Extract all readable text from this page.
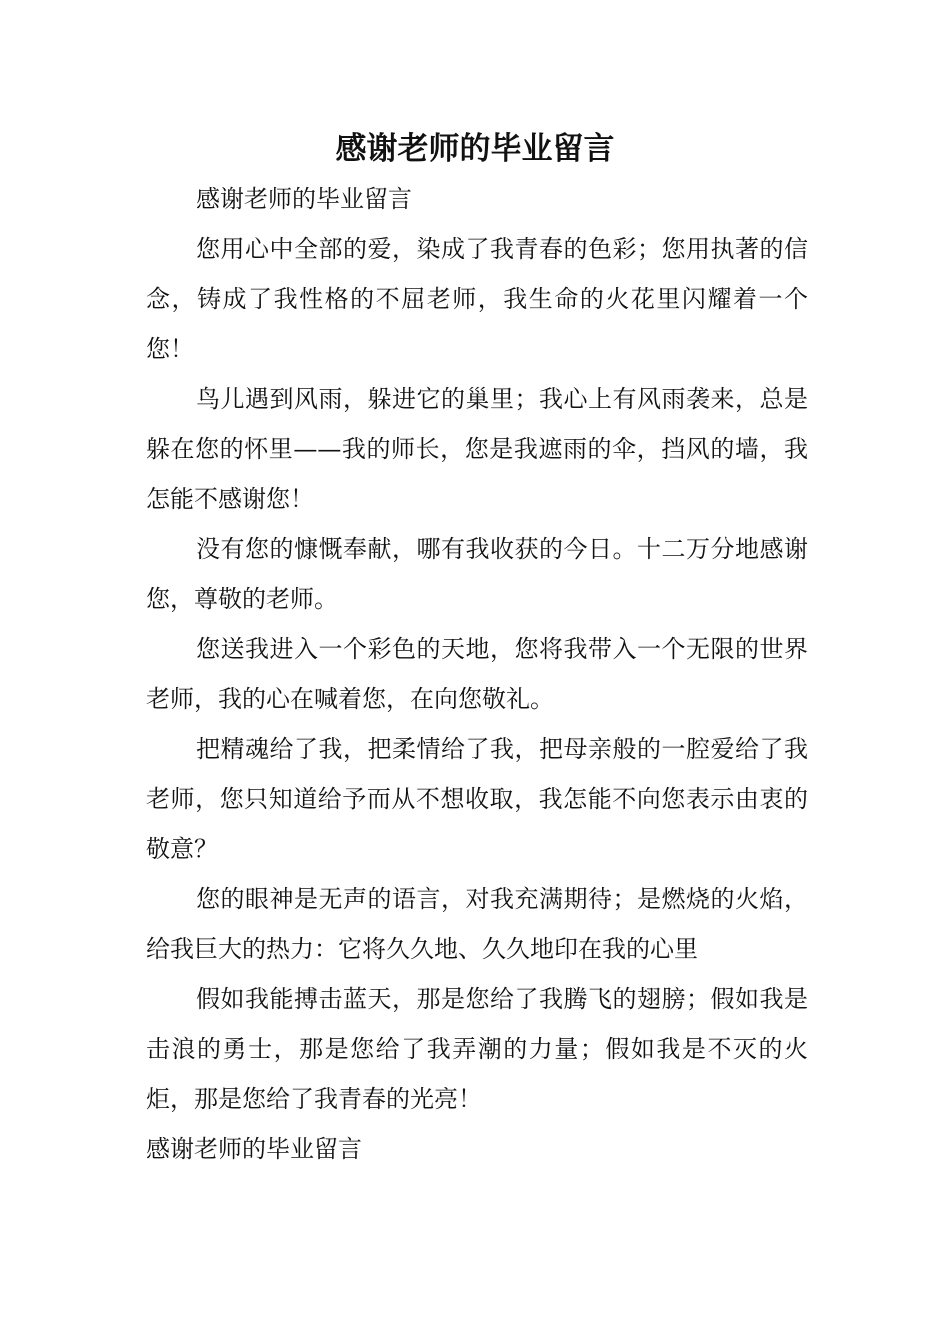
感谢老师的毕业留言

感谢老师的毕业留言

您用心中全部的爱，染成了我青春的色彩；您用执著的信念，铸成了我性格的不屈老师，我生命的火花里闪耀着一个您！

鸟儿遇到风雨，躲进它的巢里；我心上有风雨袭来，总是躲在您的怀里——我的师长，您是我遮雨的伞，挡风的墙，我怎能不感谢您！

没有您的慷慨奉献，哪有我收获的今日。十二万分地感谢您，尊敬的老师。

您送我进入一个彩色的天地，您将我带入一个无限的世界老师，我的心在喊着您，在向您敬礼。

把精魂给了我，把柔情给了我，把母亲般的一腔爱给了我老师，您只知道给予而从不想收取，我怎能不向您表示由衷的敬意？

您的眼神是无声的语言，对我充满期待；是燃烧的火焰，给我巨大的热力：它将久久地、久久地印在我的心里

假如我能搏击蓝天，那是您给了我腾飞的翅膀；假如我是击浪的勇士，那是您给了我弄潮的力量；假如我是不灭的火炬，那是您给了我青春的光亮！

感谢老师的毕业留言
